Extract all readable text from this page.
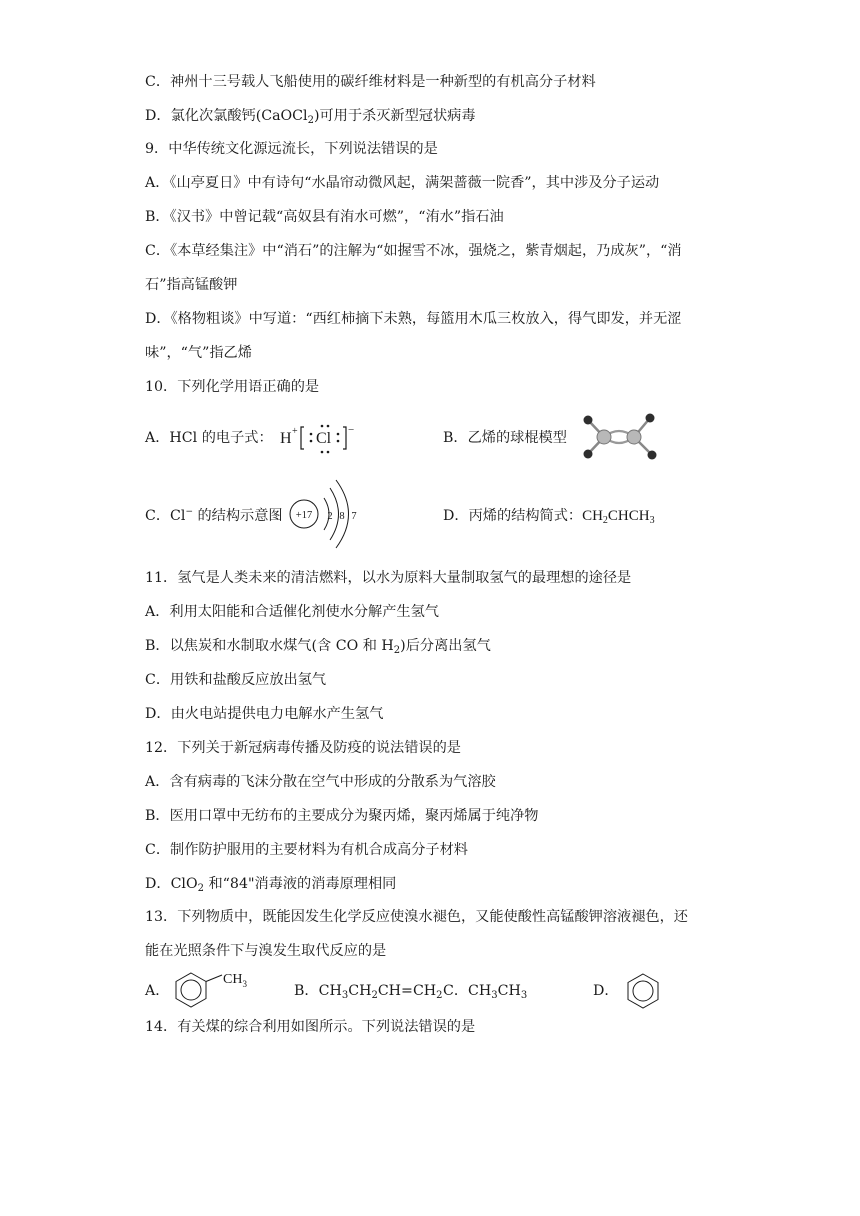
C．神州十三号载人飞船使用的碳纤维材料是一种新型的有机高分子材料
D．氯化次氯酸钙(CaOCl$_2$)可用于杀灭新型冠状病毒
9．中华传统文化源远流长，下列说法错误的是
A．《山亭夏日》中有诗句“水晶帘动微风起，满架蔷薇一院香”，其中涉及分子运动
B．《汉书》中曾记载“高奴县有洧水可燃”，“洧水”指石油
C．《本草经集注》中“消石”的注解为“如握雪不冰，强烧之，紫青烟起，乃成灰”，“消
石”指高锰酸钾
D．《格物粗谈》中写道：“西红柿摘下未熟，每篮用木瓜三枚放入，得气即发，并无涩
味”，“气”指乙烯
10．下列化学用语正确的是
A．HCl 的电子式： H + Cl −	B．乙烯的球棍模型
C．Cl− 的结构示意图 +17 2 8 7	D．丙烯的结构简式：$CH_2CHCH_3$
11．氢气是人类未来的清洁燃料，以水为原料大量制取氢气的最理想的途径是
A．利用太阳能和合适催化剂使水分解产生氢气
B．以焦炭和水制取水煤气(含 CO 和 $H_2$)后分离出氢气
C．用铁和盐酸反应放出氢气
D．由火电站提供电力电解水产生氢气
12．下列关于新冠病毒传播及防疫的说法错误的是
A．含有病毒的飞沫分散在空气中形成的分散系为气溶胶
B．医用口罩中无纺布的主要成分为聚丙烯，聚丙烯属于纯净物
C．制作防护服用的主要材料为有机合成高分子材料
D．ClO$_2$ 和“84"消毒液的消毒原理相同
13．下列物质中，既能因发生化学反应使溴水褪色，又能使酸性高锰酸钾溶液褪色，还
能在光照条件下与溴发生取代反应的是
A．
$CH_3$	B．$CH_3CH_2CH=CH_2$ C．$CH_3CH_3$	D．
14．有关煤的综合利用如图所示。下列说法错误的是
